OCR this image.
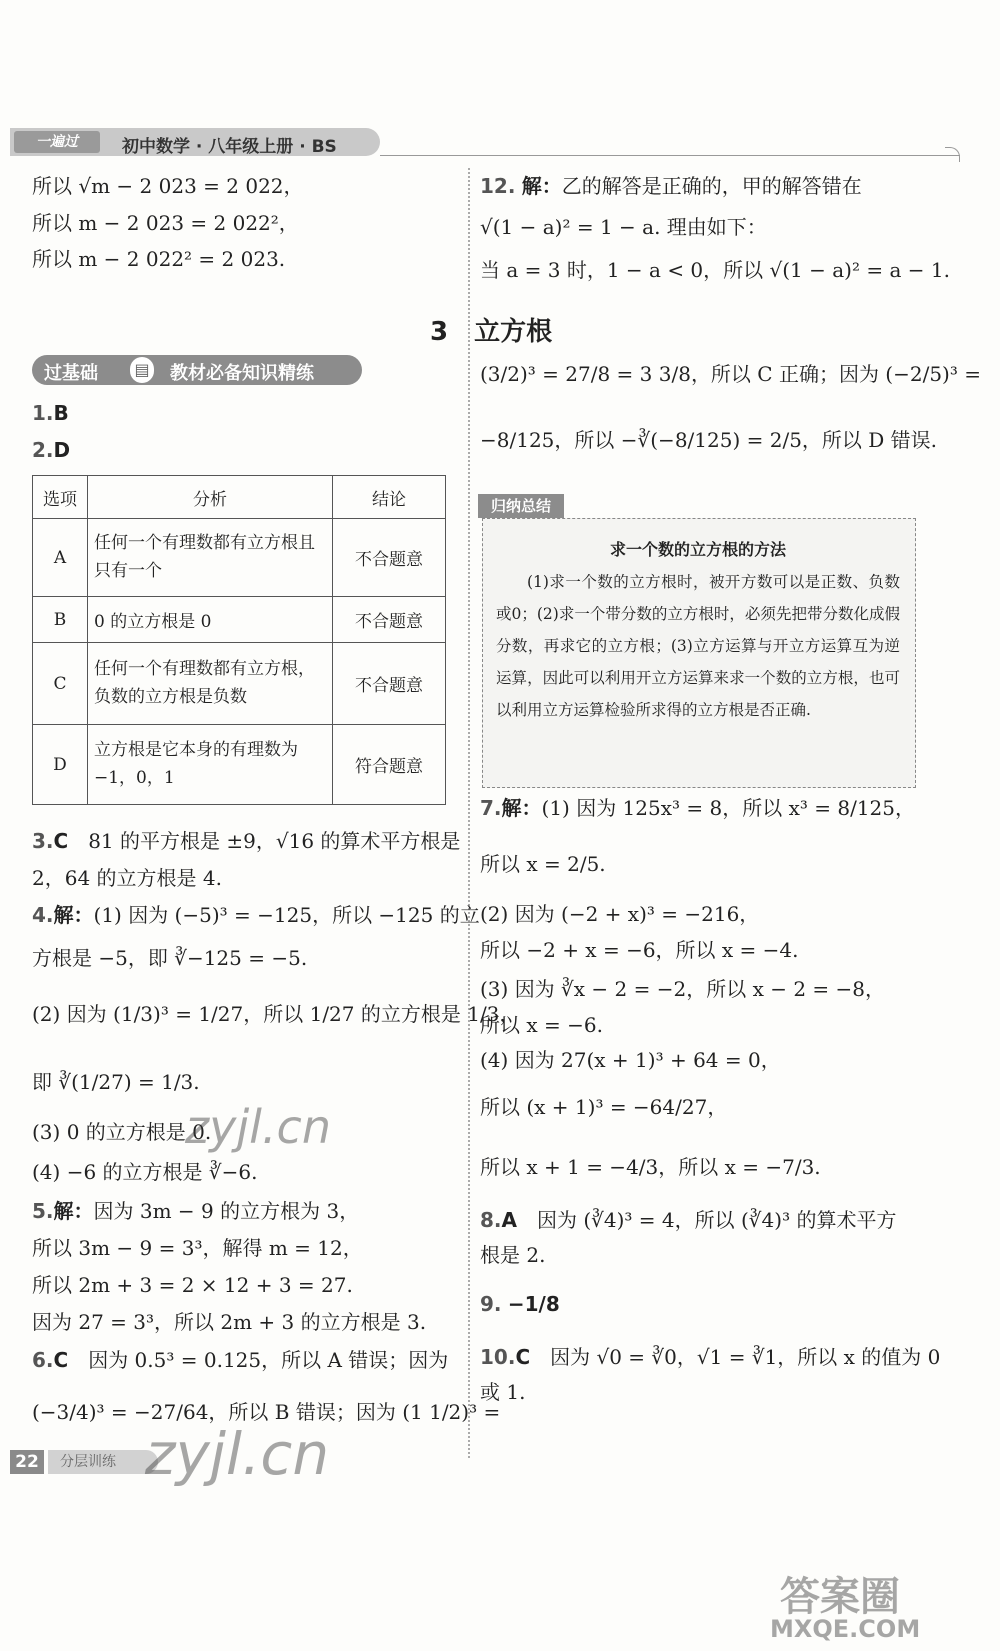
一遍过	初中数学 · 八年级上册 · BS
所以 √m − 2 023 = 2 022，
所以 m − 2 023 = 2 022²，
所以 m − 2 022² = 2 023.
12. 解：乙的解答是正确的，甲的解答错在
√(1 − a)² = 1 − a. 理由如下：
当 a = 3 时，1 − a < 0，所以 √(1 − a)² = a − 1.
3　立方根
过基础 ▤ 教材必备知识精练
1.B
2.D
选项	分析	结论
A	任何一个有理数都有立方根且只有一个	不合题意
B	0 的立方根是 0	不合题意
C	任何一个有理数都有立方根，负数的立方根是负数	不合题意
D	立方根是它本身的有理数为 −1，0，1	符合题意
3.C　 81 的平方根是 ±9，√16 的算术平方根是
2，64 的立方根是 4.
4.解：(1) 因为 (−5)³ = −125，所以 −125 的立
方根是 −5，即 ∛−125 = −5.
(2) 因为 (1/3)³ = 1/27，所以 1/27 的立方根是 1/3，
即 ∛(1/27) = 1/3.
(3) 0 的立方根是 0.
(4) −6 的立方根是 ∛−6.
5.解：因为 3m − 9 的立方根为 3，
所以 3m − 9 = 3³，解得 m = 12，
所以 2m + 3 = 2 × 12 + 3 = 27.
因为 27 = 3³，所以 2m + 3 的立方根是 3.
6.C　 因为 0.5³ = 0.125，所以 A 错误；因为
(−3/4)³ = −27/64，所以 B 错误；因为 (1 1/2)³ =
(3/2)³ = 27/8 = 3 3/8，所以 C 正确；因为 (−2/5)³ =
−8/125，所以 −∛(−8/125) = 2/5，所以 D 错误.
归纳总结
求一个数的立方根的方法
(1)求一个数的立方根时，被开方数可以是正数、负数或0；(2)求一个带分数的立方根时，必须先把带分数化成假分数，再求它的立方根；(3)立方运算与开立方运算互为逆运算，因此可以利用开立方运算来求一个数的立方根，也可以利用立方运算检验所求得的立方根是否正确.
7.解：(1) 因为 125x³ = 8，所以 x³ = 8/125，
所以 x = 2/5.
(2) 因为 (−2 + x)³ = −216，
所以 −2 + x = −6，所以 x = −4.
(3) 因为 ∛x − 2 = −2，所以 x − 2 = −8，
所以 x = −6.
(4) 因为 27(x + 1)³ + 64 = 0，
所以 (x + 1)³ = −64/27，
所以 x + 1 = −4/3，所以 x = −7/3.
8.A　 因为 (∛4)³ = 4，所以 (∛4)³ 的算术平方
根是 2.
9. −1/8
10.C　 因为 √0 = ∛0，√1 = ∛1，所以 x 的值为 0
或 1.
22	分层训练
zyjl.cn
zyjl.cn
答案圈
MXQE.COM
